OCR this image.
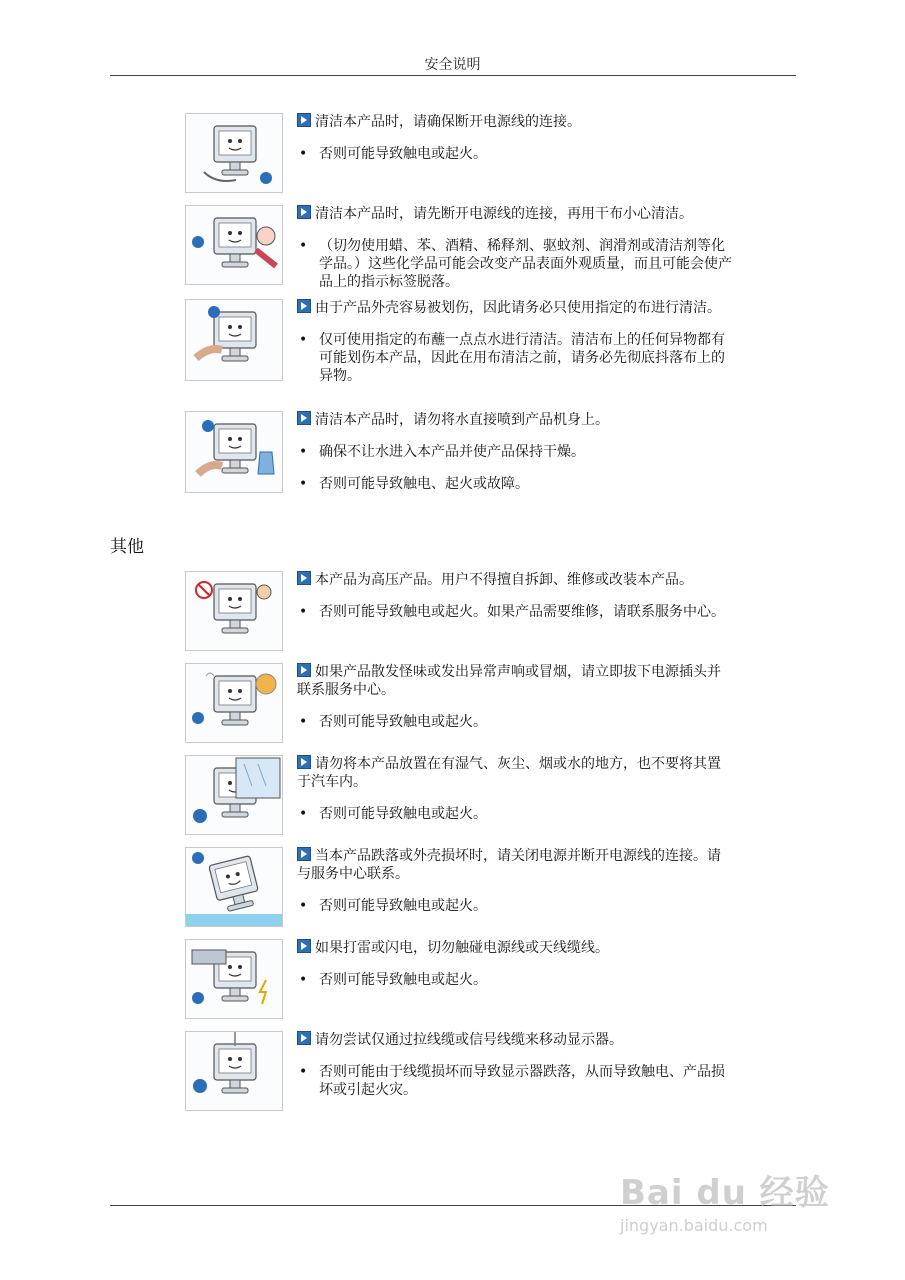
安全说明

清洁本产品时，请确保断开电源线的连接。

• 否则可能导致触电或起火。

清洁本产品时，请先断开电源线的连接，再用干布小心清洁。

• （切勿使用蜡、苯、酒精、稀释剂、驱蚊剂、润滑剂或清洁剂等化学品。）这些化学品可能会改变产品表面外观质量，而且可能会使产品上的指示标签脱落。

由于产品外壳容易被划伤，因此请务必只使用指定的布进行清洁。

• 仅可使用指定的布蘸一点点水进行清洁。清洁布上的任何异物都有可能划伤本产品，因此在用布清洁之前，请务必先彻底抖落布上的异物。

清洁本产品时，请勿将水直接喷到产品机身上。

• 确保不让水进入本产品并使产品保持干燥。

• 否则可能导致触电、起火或故障。

其他

本产品为高压产品。用户不得擅自拆卸、维修或改装本产品。

• 否则可能导致触电或起火。如果产品需要维修，请联系服务中心。

如果产品散发怪味或发出异常声响或冒烟，请立即拔下电源插头并联系服务中心。

• 否则可能导致触电或起火。

请勿将本产品放置在有湿气、灰尘、烟或水的地方，也不要将其置于汽车内。

• 否则可能导致触电或起火。

当本产品跌落或外壳损坏时，请关闭电源并断开电源线的连接。请与服务中心联系。

• 否则可能导致触电或起火。

如果打雷或闪电，切勿触碰电源线或天线缆线。

• 否则可能导致触电或起火。

请勿尝试仅通过拉线缆或信号线缆来移动显示器。

• 否则可能由于线缆损坏而导致显示器跌落，从而导致触电、产品损坏或引起火灾。

Bai du 经验
jingyan.baidu.com
